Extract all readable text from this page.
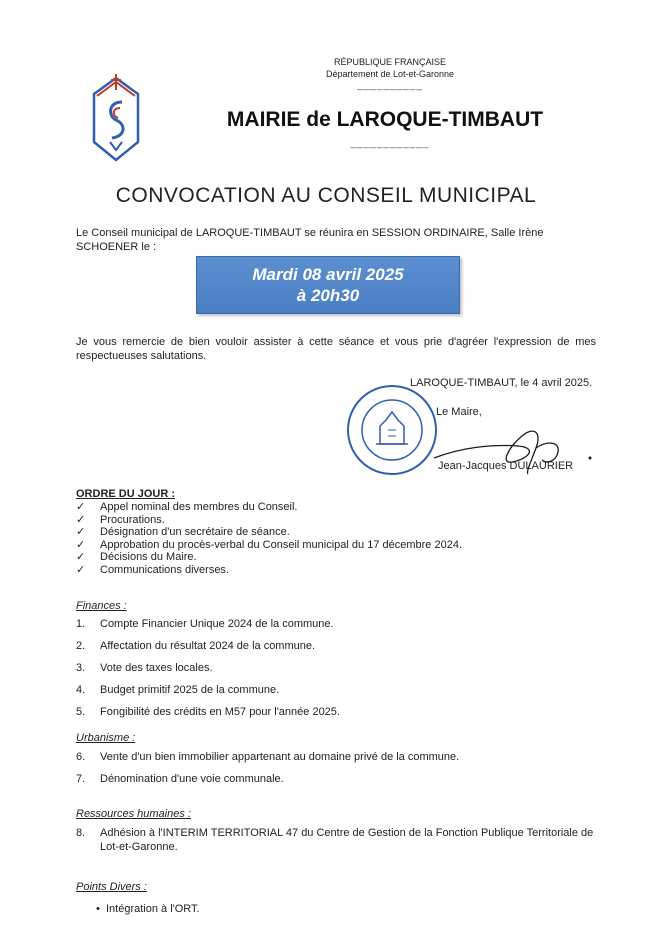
RÉPUBLIQUE FRANÇAISE
Département de Lot-et-Garonne
__________
MAIRIE de LAROQUE-TIMBAUT
____________
CONVOCATION AU CONSEIL MUNICIPAL
Le Conseil municipal de LAROQUE-TIMBAUT se réunira en SESSION ORDINAIRE, Salle Irène SCHOENER le :
Mardi 08 avril 2025
à 20h30
Je vous remercie de bien vouloir assister à cette séance et vous prie d'agréer l'expression de mes respectueuses salutations.
LAROQUE-TIMBAUT, le 4 avril 2025.
Le Maire,
Jean-Jacques DULAURIER
ORDRE DU JOUR :
✓ Appel nominal des membres du Conseil.
✓ Procurations.
✓ Désignation d'un secrétaire de séance.
✓ Approbation du procès-verbal du Conseil municipal du 17 décembre 2024.
✓ Décisions du Maire.
✓ Communications diverses.
Finances :
1. Compte Financier Unique 2024 de la commune.
2. Affectation du résultat 2024 de la commune.
3. Vote des taxes locales.
4. Budget primitif 2025 de la commune.
5. Fongibilité des crédits en M57 pour l'année 2025.
Urbanisme :
6. Vente d'un bien immobilier appartenant au domaine privé de la commune.
7. Dénomination d'une voie communale.
Ressources humaines :
8. Adhésion à l'INTERIM TERRITORIAL 47 du Centre de Gestion de la Fonction Publique Territoriale de Lot-et-Garonne.
Points Divers :
• Intégration à l'ORT.
